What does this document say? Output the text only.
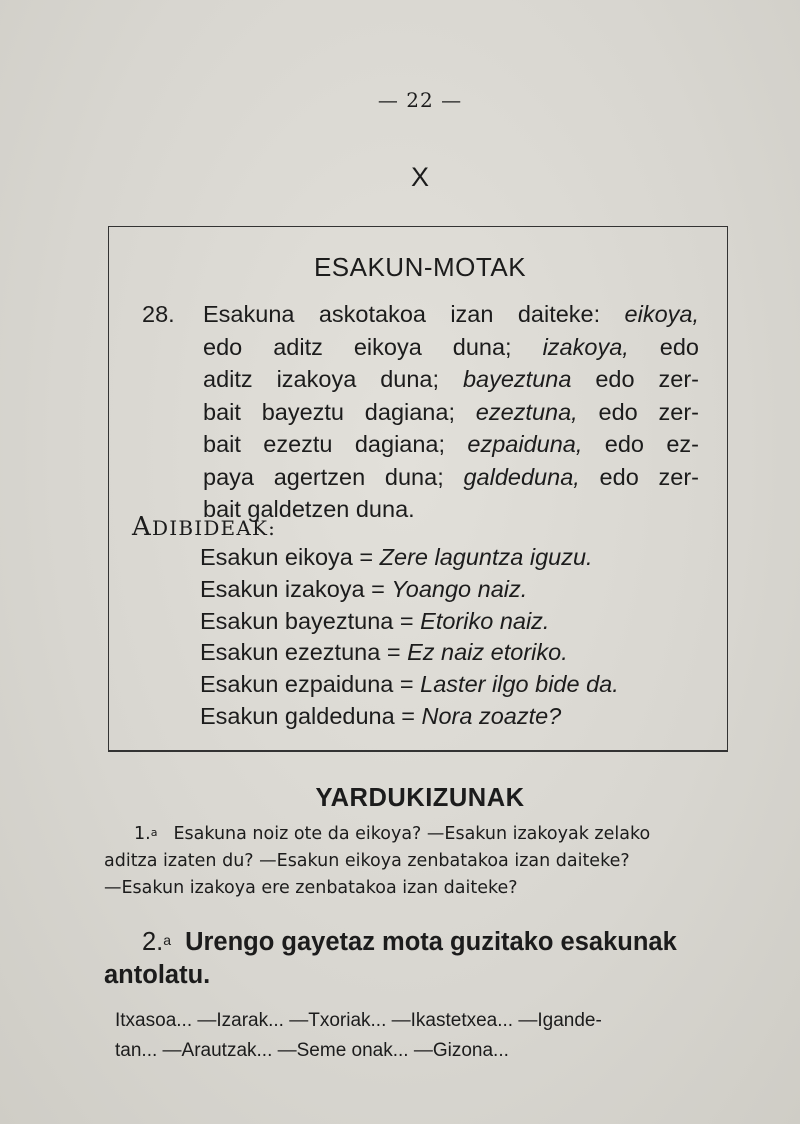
— 22 —
X
ESAKUN-MOTAK
28. Esakuna askotakoa izan daiteke: eikoya,
edo aditz eikoya duna; izakoya, edo
aditz izakoya duna; bayeztuna edo zer-
bait bayeztu dagiana; ezeztuna, edo zer-
bait ezeztu dagiana; ezpaiduna, edo ez-
paya agertzen duna; galdeduna, edo zer-
bait galdetzen duna.
ADIBIDEAK:
Esakun eikoya = Zere laguntza iguzu.
Esakun izakoya = Yoango naiz.
Esakun bayeztuna = Etoriko naiz.
Esakun ezeztuna = Ez naiz etoriko.
Esakun ezpaiduna = Laster ilgo bide da.
Esakun galdeduna = Nora zoazte?
YARDUKIZUNAK
1.$^a$ Esakuna noiz ote da eikoya? —Esakun izakoyak zelako
aditza izaten du? —Esakun eikoya zenbatakoa izan daiteke?
—Esakun izakoya ere zenbatakoa izan daiteke?
2.$^a$ Urengo gayetaz mota guzitako esakunak
antolatu.
Itxasoa... —Izarak... —Txoriak... —Ikastetxea... —Igande-
tan... —Arautzak... —Seme onak... —Gizona...
